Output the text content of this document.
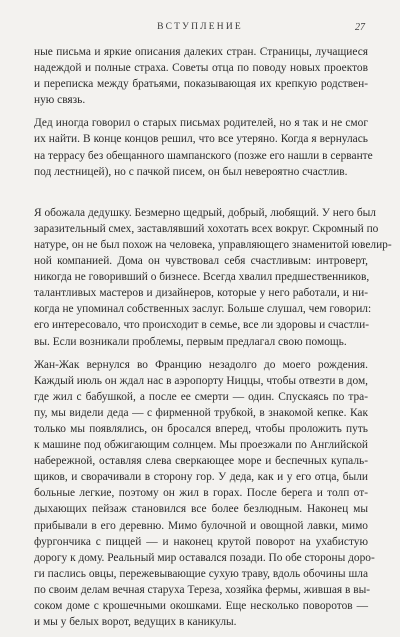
ВСТУПЛЕНИЕ	27
ные письма и яркие описания далеких стран. Страницы, лучащиеся
надеждой и полные страха. Советы отца по поводу новых проектов
и переписка между братьями, показывающая их крепкую родствен-
ную связь.
Дед иногда говорил о старых письмах родителей, но я так и не смог
их найти. В конце концов решил, что все утеряно. Когда я вернулась
на террасу без обещанного шампанского (позже его нашли в серванте
под лестницей), но с пачкой писем, он был невероятно счастлив.
Я обожала дедушку. Безмерно щедрый, добрый, любящий. У него был
заразительный смех, заставлявший хохотать всех вокруг. Скромный по
натуре, он не был похож на человека, управляющего знаменитой ювелир-
ной компанией. Дома он чувствовал себя счастливым: интроверт,
никогда не говоривший о бизнесе. Всегда хвалил предшественников,
талантливых мастеров и дизайнеров, которые у него работали, и ни-
когда не упоминал собственных заслуг. Больше слушал, чем говорил:
его интересовало, что происходит в семье, все ли здоровы и счастли-
вы. Если возникали проблемы, первым предлагал свою помощь.
Жан-Жак вернулся во Францию незадолго до моего рождения.
Каждый июль он ждал нас в аэропорту Ниццы, чтобы отвезти в дом,
где жил с бабушкой, а после ее смерти — один. Спускаясь по тра-
пу, мы видели деда — с фирменной трубкой, в знакомой кепке. Как
только мы появлялись, он бросался вперед, чтобы проложить путь
к машине под обжигающим солнцем. Мы проезжали по Английской
набережной, оставляя слева сверкающее море и беспечных купаль-
щиков, и сворачивали в сторону гор. У деда, как и у его отца, были
больные легкие, поэтому он жил в горах. После берега и толп от-
дыхающих пейзаж становился все более безлюдным. Наконец мы
прибывали в его деревню. Мимо булочной и овощной лавки, мимо
фургончика с пиццей — и наконец крутой поворот на ухабистую
дорогу к дому. Реальный мир оставался позади. По обе стороны доро-
ги паслись овцы, пережевывающие сухую траву, вдоль обочины шла
по своим делам вечная старуха Тереза, хозяйка фермы, жившая в вы-
соком доме с крошечными окошками. Еще несколько поворотов —
и мы у белых ворот, ведущих в каникулы.
